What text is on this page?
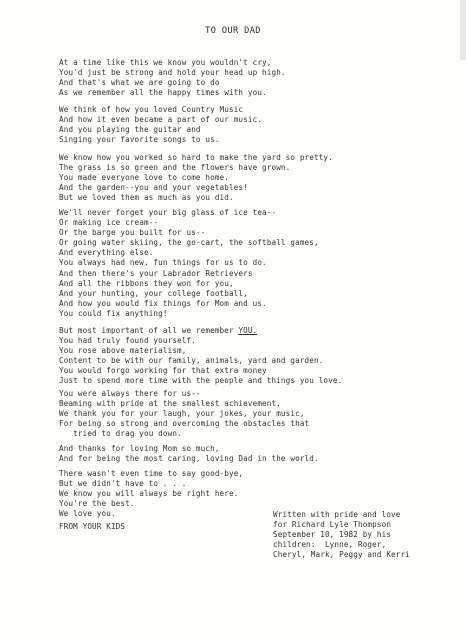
TO OUR DAD
At a time like this we know you wouldn't cry,
You'd just be strong and hold your head up high.
And that's what we are going to do
As we remember all the happy times with you.
We think of how you loved Country Music
And how it even became a part of our music.
And you playing the guitar and
Singing your favorite songs to us.
We know how you worked so hard to make the yard so pretty.
The grass is so green and the flowers have grown.
You made everyone love to come home.
And the garden--you and your vegetables!
But we loved them as much as you did.
We'll never forget your big glass of ice tea--
Or making ice cream--
Or the barge you built for us--
Or going water skiing, the go-cart, the softball games,
And everything else.
You always had new, fun things for us to do.
And then there's your Labrador Retrievers
And all the ribbons they won for you,
And your hunting, your college football,
And how you would fix things for Mom and us.
You could fix anything!
But most important of all we remember YOU.
You had truly found yourself.
You rose above materialism,
Content to be with our family, animals, yard and garden.
You would forgo working for that extra money
Just to spend more time with the people and things you love.
You were always there for us--
Beaming with pride at the smallest achievement.
We thank you for your laugh, your jokes, your music,
For being so strong and overcoming the obstacles that
tried to drag you down.
And thanks for loving Mom so much,
And for being the most caring, loving Dad in the world.
There wasn't even time to say good-bye,
But we didn't have to . . .
We know you will always be right here.
You're the best.
We love you.
FROM YOUR KIDS
Written with pride and love
for Richard Lyle Thompson
September 10, 1982 by his
children:  Lynne, Roger,
Cheryl, Mark, Peggy and Kerri
